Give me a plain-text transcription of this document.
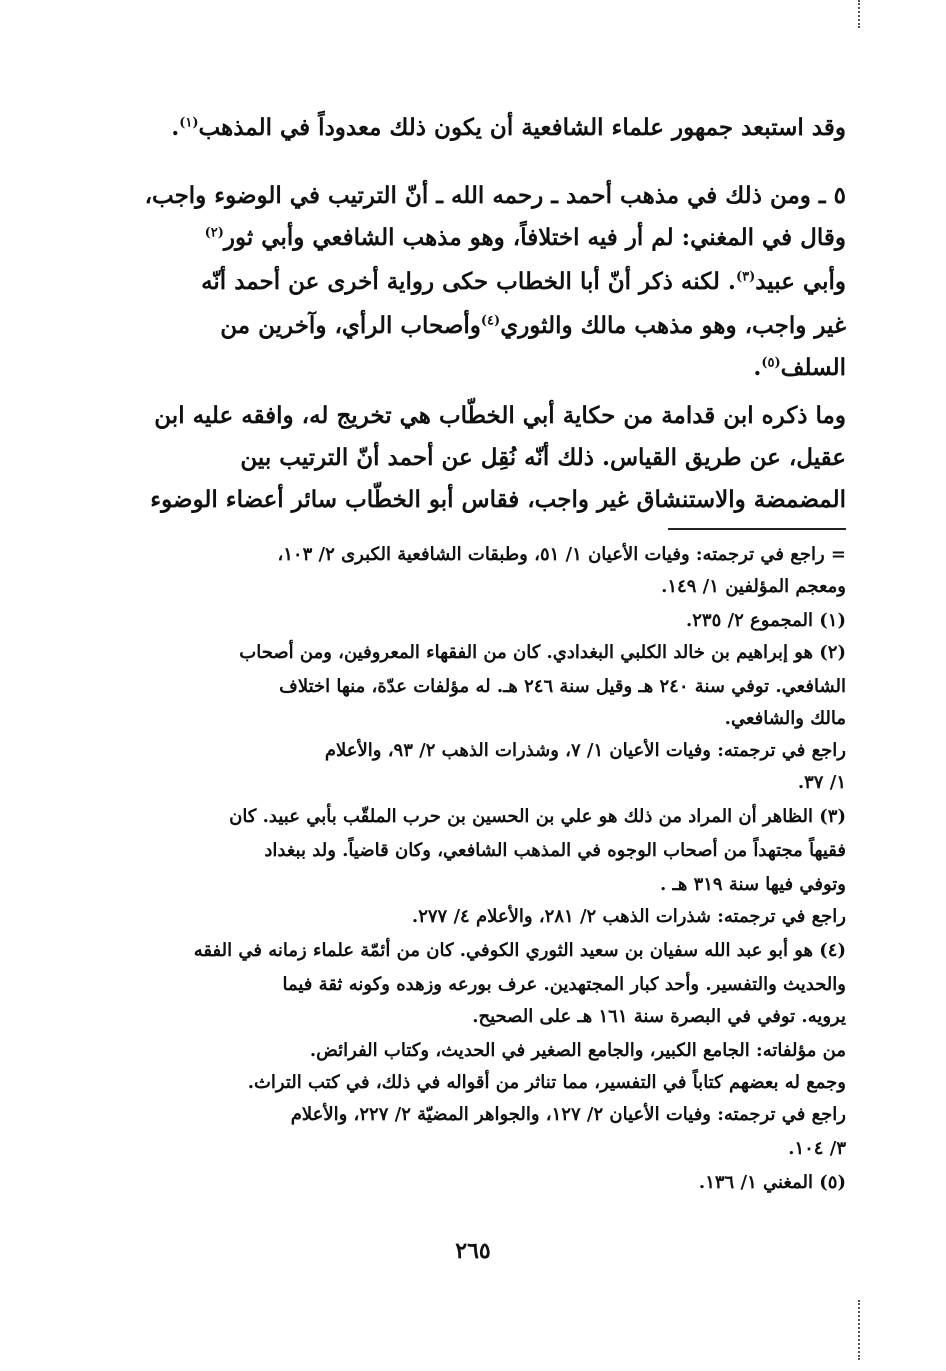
وقد استبعد جمهور علماء الشافعية أن يكون ذلك معدوداً في المذهب$^{(١)}$.
٥ ـ ومن ذلك في مذهب أحمد ـ رحمه الله ـ أنّ الترتيب في الوضوء واجب،
وقال في المغني: لم أر فيه اختلافاً، وهو مذهب الشافعي وأبي ثور$^{(٢)}$
وأبي عبيد$^{(٣)}$. لكنه ذكر أنّ أبا الخطاب حكى رواية أخرى عن أحمد أنّه
غير واجب، وهو مذهب مالك والثوري$^{(٤)}$وأصحاب الرأي، وآخرين من
السلف$^{(٥)}$.
وما ذكره ابن قدامة من حكاية أبي الخطّاب هي تخريج له، وافقه عليه ابن
عقيل، عن طريق القياس. ذلك أنّه نُقِل عن أحمد أنّ الترتيب بين
المضمضة والاستنشاق غير واجب، فقاس أبو الخطّاب سائر أعضاء الوضوء
= راجع في ترجمته: وفيات الأعيان ١/ ٥١، وطبقات الشافعية الكبرى ٢/ ١٠٣،
ومعجم المؤلفين ١/ ١٤٩.
(١) المجموع ٢/ ٢٣٥.
(٢) هو إبراهيم بن خالد الكلبي البغدادي. كان من الفقهاء المعروفين، ومن أصحاب
الشافعي. توفي سنة ٢٤٠ هـ وقيل سنة ٢٤٦ هـ. له مؤلفات عدّة، منها اختلاف
مالك والشافعي.
راجع في ترجمته: وفيات الأعيان ١/ ٧، وشذرات الذهب ٢/ ٩٣، والأعلام
١/ ٣٧.
(٣) الظاهر أن المراد من ذلك هو علي بن الحسين بن حرب الملقّب بأبي عبيد. كان
فقيهاً مجتهداً من أصحاب الوجوه في المذهب الشافعي، وكان قاضياً. ولد ببغداد
وتوفي فيها سنة ٣١٩ هـ .
راجع في ترجمته: شذرات الذهب ٢/ ٢٨١، والأعلام ٤/ ٢٧٧.
(٤) هو أبو عبد الله سفيان بن سعيد الثوري الكوفي. كان من أئمّة علماء زمانه في الفقه
والحديث والتفسير. وأحد كبار المجتهدين. عرف بورعه وزهده وكونه ثقة فيما
يرويه. توفي في البصرة سنة ١٦١ هـ على الصحيح.
من مؤلفاته: الجامع الكبير، والجامع الصغير في الحديث، وكتاب الفرائض.
وجمع له بعضهم كتاباً في التفسير، مما تناثر من أقواله في ذلك، في كتب التراث.
راجع في ترجمته: وفيات الأعيان ٢/ ١٢٧، والجواهر المضيّة ٢/ ٢٢٧، والأعلام
٣/ ١٠٤.
(٥) المغني ١/ ١٣٦.
٢٦٥
